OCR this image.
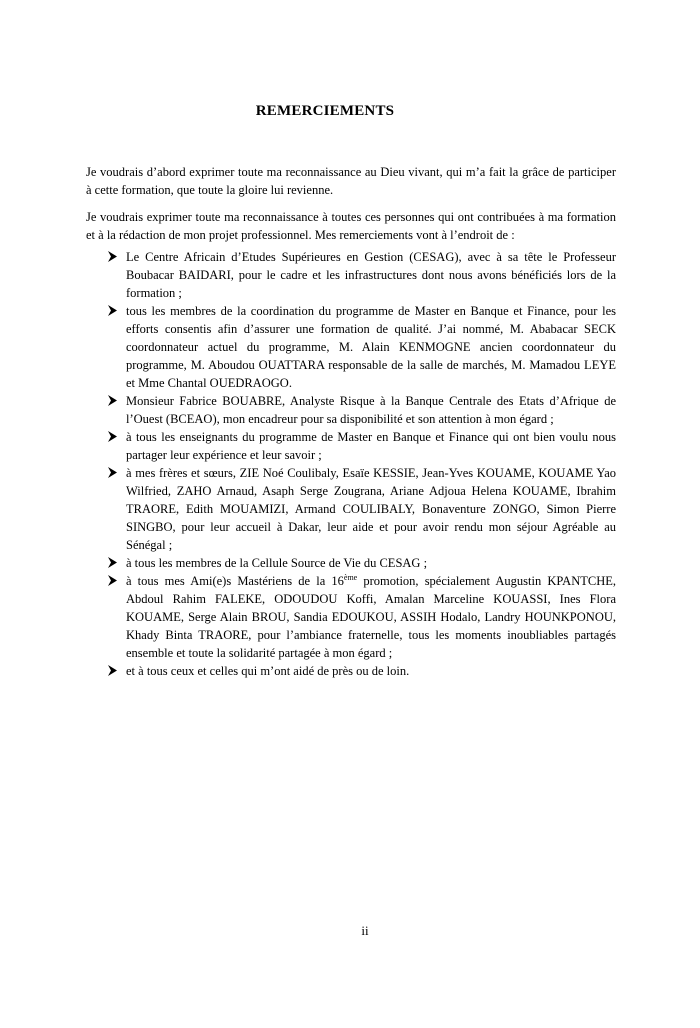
REMERCIEMENTS

Je voudrais d’abord exprimer toute ma reconnaissance au Dieu vivant, qui m’a fait la grâce de participer à cette formation, que toute la gloire lui revienne.

Je voudrais exprimer toute ma reconnaissance à toutes ces personnes qui ont contribuées à ma formation et à la rédaction de mon projet professionnel. Mes remerciements vont à l’endroit de :

Le Centre Africain d’Etudes Supérieures en Gestion (CESAG), avec à sa tête le Professeur Boubacar BAIDARI, pour le cadre et les infrastructures dont nous avons bénéficiés lors de la formation ;
tous les membres de la coordination du programme de Master en Banque et Finance, pour les efforts consentis afin d’assurer une formation de qualité. J’ai nommé, M. Ababacar SECK coordonnateur actuel du programme, M. Alain KENMOGNE ancien coordonnateur du programme, M. Aboudou OUATTARA responsable de la salle de marchés, M. Mamadou LEYE et Mme Chantal OUEDRAOGO.
Monsieur Fabrice BOUABRE, Analyste Risque à la Banque Centrale des Etats d’Afrique de l’Ouest (BCEAO), mon encadreur pour sa disponibilité et son attention à mon égard ;
à tous les enseignants du programme de Master en Banque et Finance qui ont bien voulu nous partager leur expérience et leur savoir ;
à mes frères et sœurs, ZIE Noé Coulibaly, Esaïe KESSIE, Jean-Yves KOUAME, KOUAME Yao Wilfried, ZAHO Arnaud, Asaph Serge Zougrana, Ariane Adjoua Helena KOUAME, Ibrahim TRAORE, Edith MOUAMIZI, Armand COULIBALY, Bonaventure ZONGO, Simon Pierre SINGBO, pour leur accueil à Dakar, leur aide et pour avoir rendu mon séjour Agréable au Sénégal ;
à tous les membres de la Cellule Source de Vie du CESAG ;
à tous mes Ami(e)s Mastériens de la 16ème promotion, spécialement Augustin KPANTCHE, Abdoul Rahim FALEKE, ODOUDOU Koffi, Amalan Marceline KOUASSI, Ines Flora KOUAME, Serge Alain BROU, Sandia EDOUKOU, ASSIH Hodalo, Landry HOUNKPONOU, Khady Binta TRAORE, pour l’ambiance fraternelle, tous les moments inoubliables partagés ensemble et toute la solidarité partagée à mon égard ;
et à tous ceux et celles qui m’ont aidé de près ou de loin.
ii
